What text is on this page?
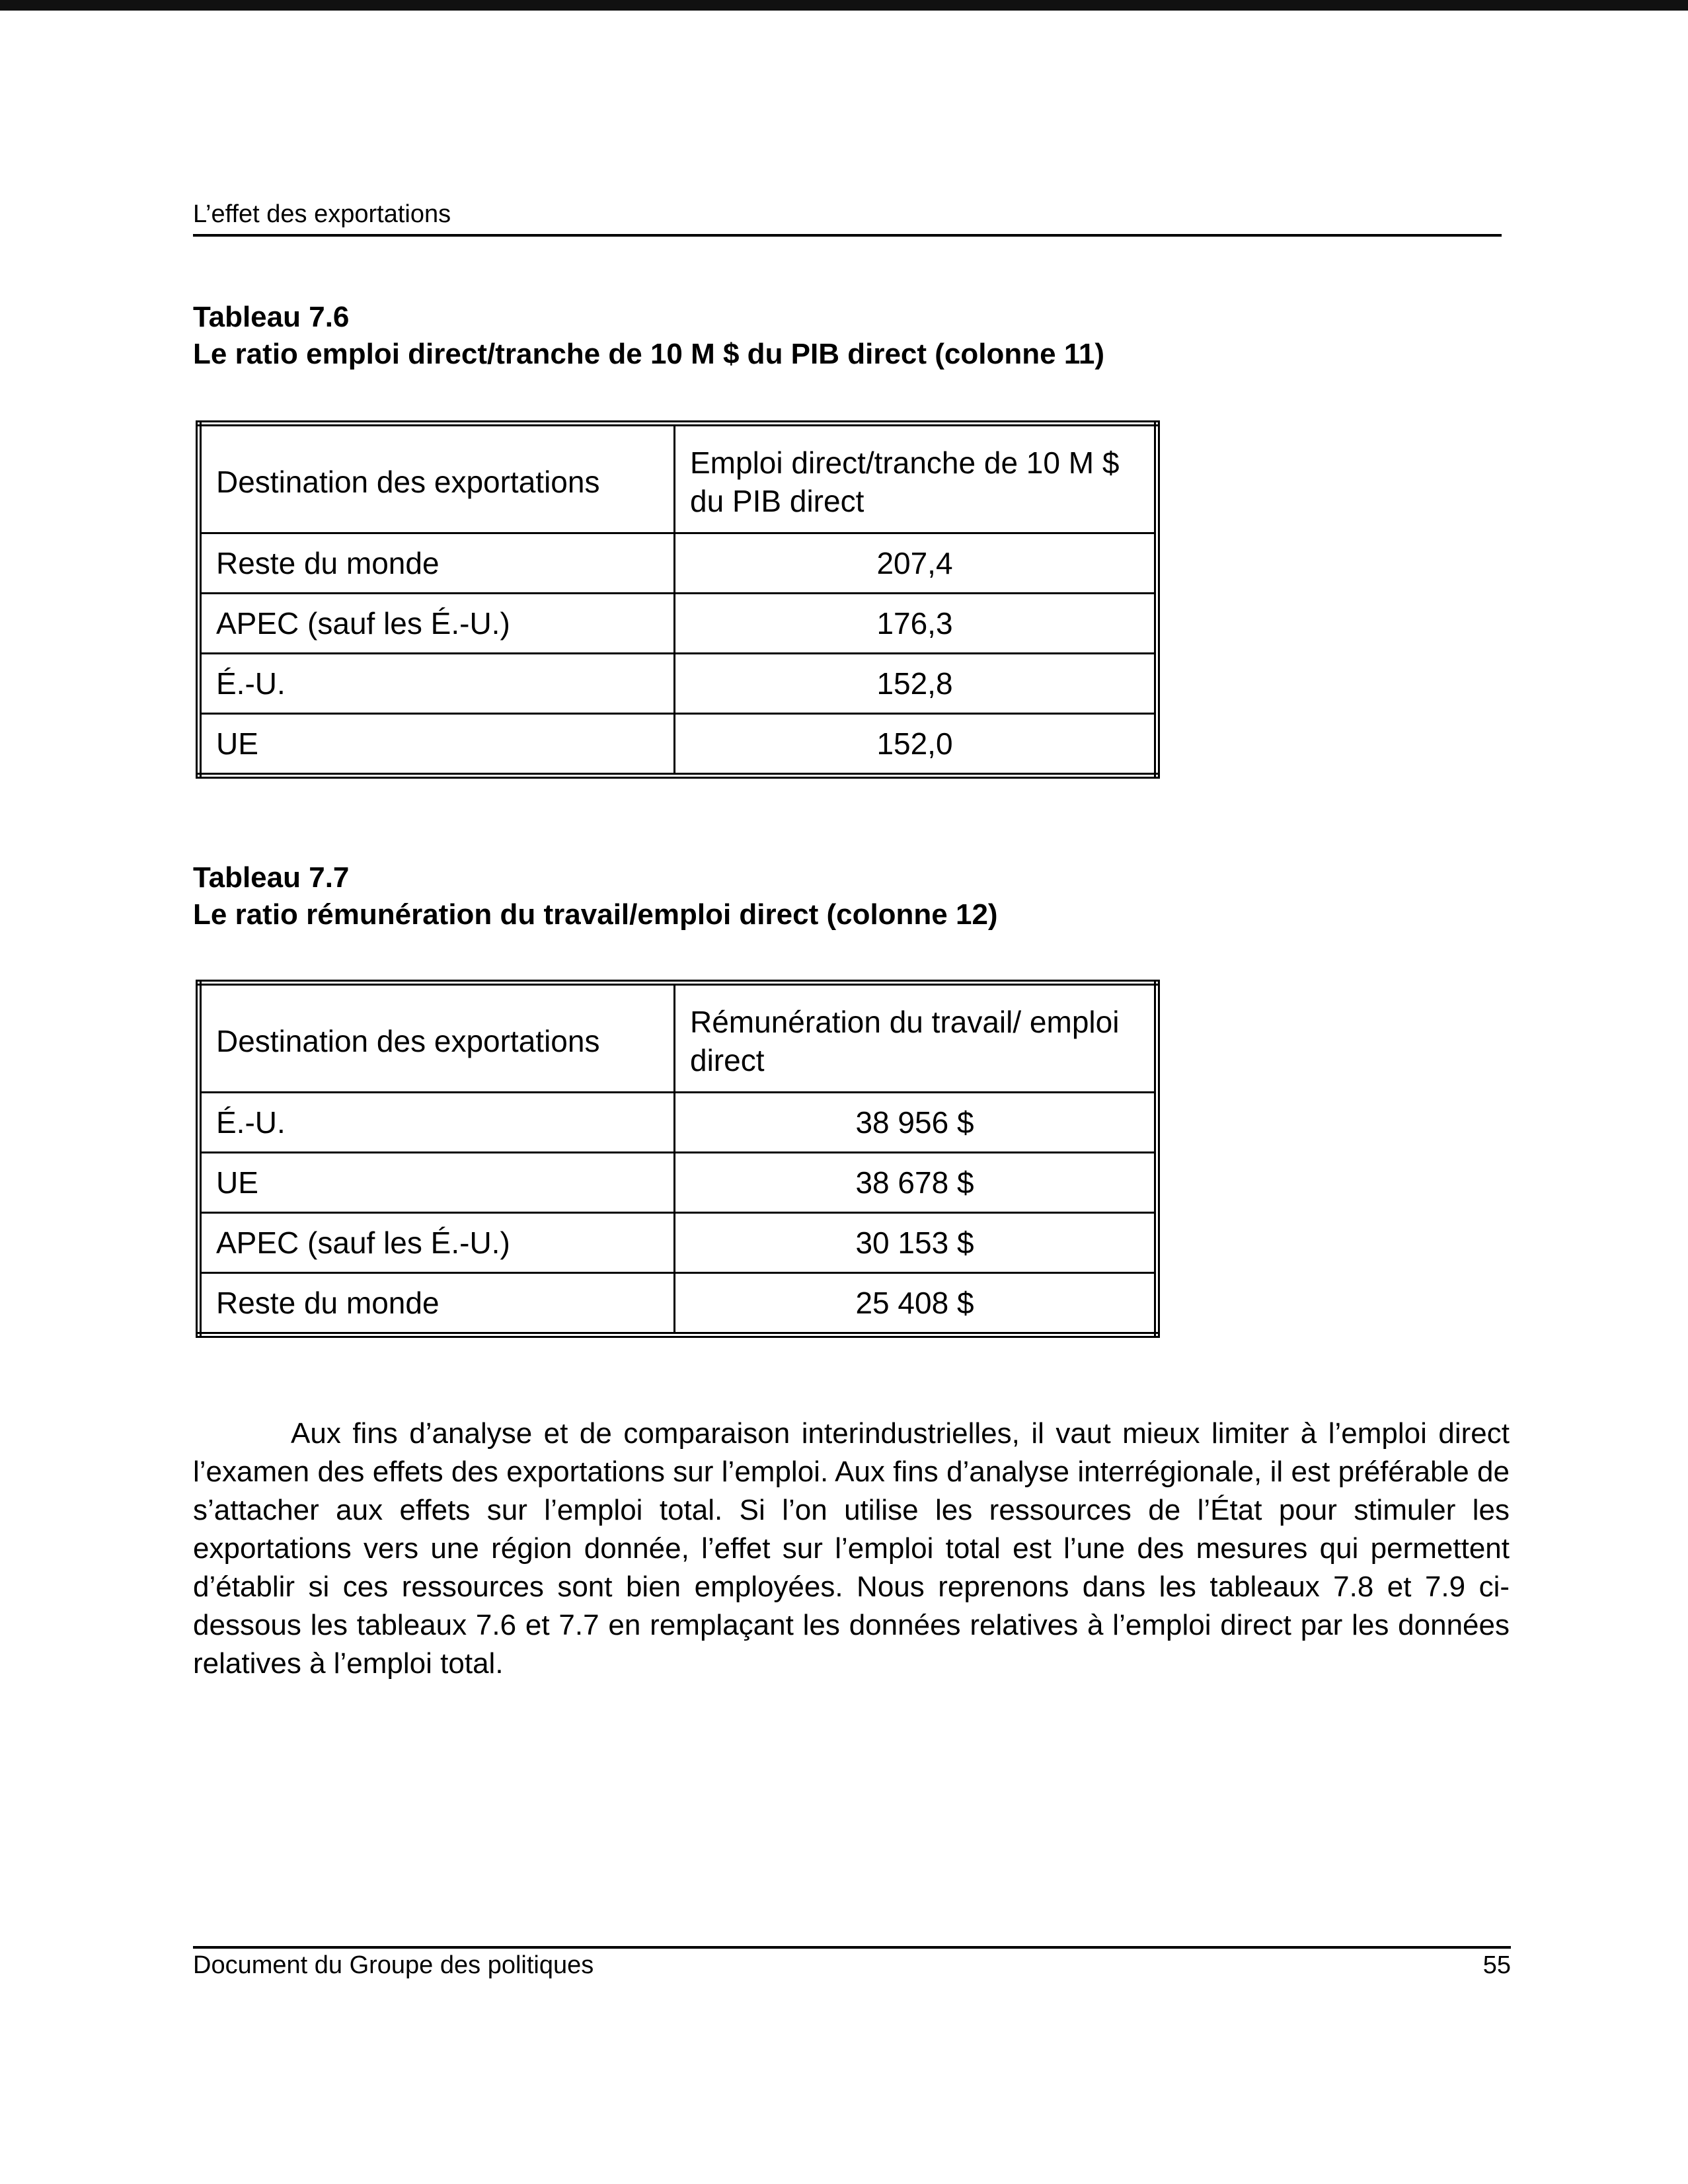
L’effet des exportations
Tableau 7.6
Le ratio emploi direct/tranche de 10 M $ du PIB direct (colonne 11)
Destination des exportations	Emploi direct/tranche de 10 M $ du PIB direct
Reste du monde	207,4
APEC (sauf les É.-U.)	176,3
É.-U.	152,8
UE	152,0
Tableau 7.7
Le ratio rémunération du travail/emploi direct (colonne 12)
Destination des exportations	Rémunération du travail/ emploi direct
É.-U.	38 956 $
UE	38 678 $
APEC (sauf les É.-U.)	30 153 $
Reste du monde	25 408 $

Aux fins d’analyse et de comparaison interindustrielles, il vaut mieux limiter à l’emploi direct l’examen des effets des exportations sur l’emploi. Aux fins d’analyse interrégionale, il est préférable de s’attacher aux effets sur l’emploi total. Si l’on utilise les ressources de l’État pour stimuler les exportations vers une région donnée, l’effet sur l’emploi total est l’une des mesures qui permettent d’établir si ces ressources sont bien employées. Nous reprenons dans les tableaux 7.8 et 7.9 ci-dessous les tableaux 7.6 et 7.7 en remplaçant les données relatives à l’emploi direct par les données relatives à l’emploi total.

Document du Groupe des politiques	55
